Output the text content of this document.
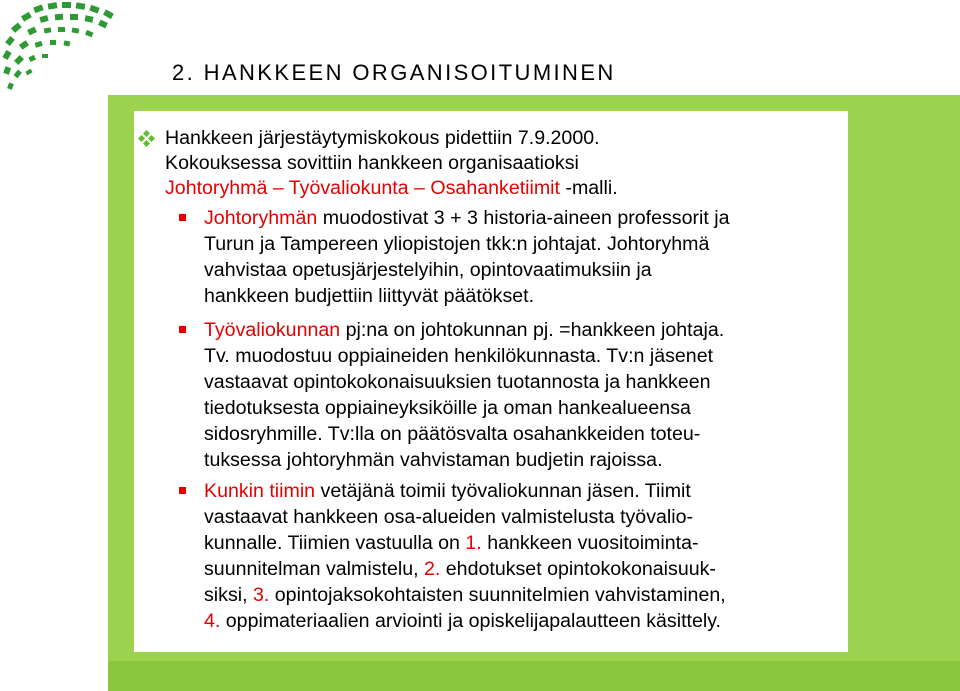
2. HANKKEEN ORGANISOITUMINEN
Hankkeen järjestäytymiskokous pidettiin 7.9.2000.
Kokouksessa sovittiin hankkeen organisaatioksi
Johtoryhmä – Työvaliokunta – Osahanketiimit -malli.
Johtoryhmän muodostivat 3 + 3 historia-aineen professorit ja
Turun ja Tampereen yliopistojen tkk:n johtajat. Johtoryhmä
vahvistaa opetusjärjestelyihin, opintovaatimuksiin ja
hankkeen budjettiin liittyvät päätökset.
Työvaliokunnan pj:na on johtokunnan pj. =hankkeen johtaja.
Tv. muodostuu oppiaineiden henkilökunnasta. Tv:n jäsenet
vastaavat opintokokonaisuuksien tuotannosta ja hankkeen
tiedotuksesta oppiaineyksiköille ja oman hankealueensa
sidosryhmille. Tv:lla on päätösvalta osahankkeiden toteu-
tuksessa johtoryhmän vahvistaman budjetin rajoissa.
Kunkin tiimin vetäjänä toimii työvaliokunnan jäsen. Tiimit
vastaavat hankkeen osa-alueiden valmistelusta työvalio-
kunnalle. Tiimien vastuulla on 1. hankkeen vuositoiminta-
suunnitelman valmistelu, 2. ehdotukset opintokokonaisuuk-
siksi, 3. opintojaksokohtaisten suunnitelmien vahvistaminen,
4. oppimateriaalien arviointi ja opiskelijapalautteen käsittely.
